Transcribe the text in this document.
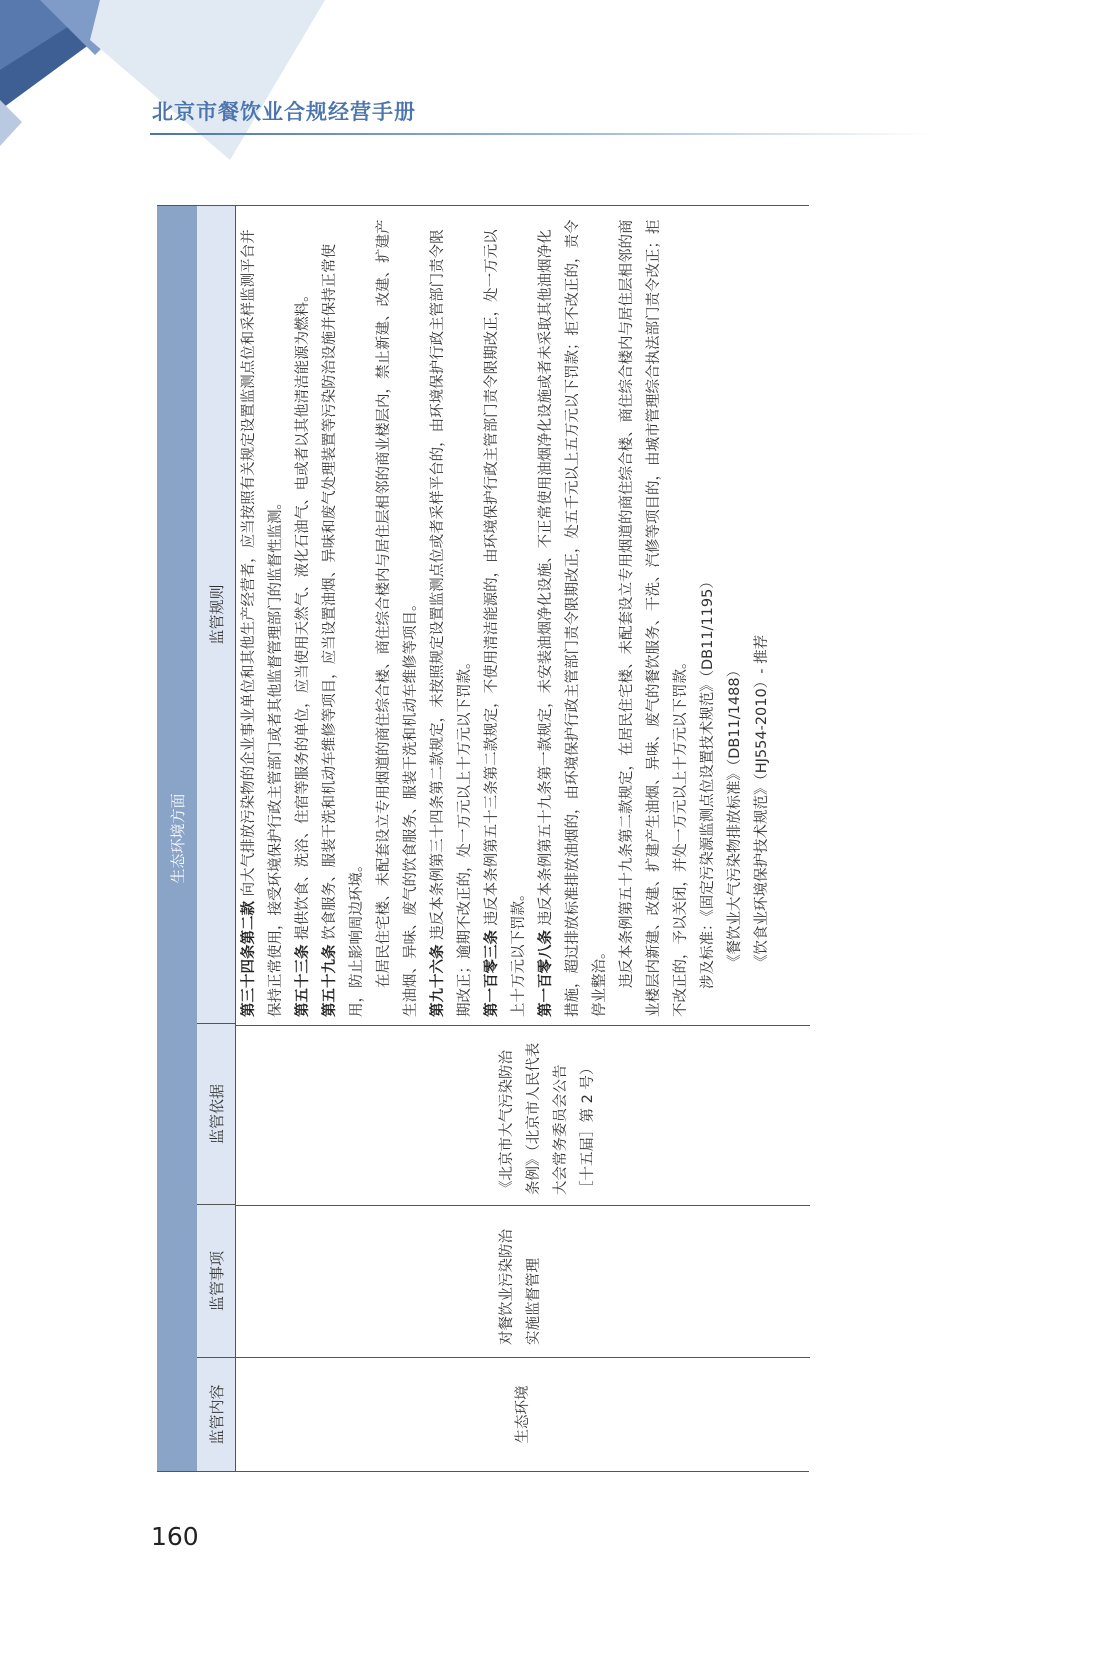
北京市餐饮业合规经营手册
生态环境方面
监管内容
监管事项
监管依据
监管规则
生态环境
对餐饮业污染防治实施监督管理
《北京市大气污染防治条例》（北京市人民代表大会常务委员会公告［十五届］第 2 号）

第三十四条第二款 向大气排放污染物的企业事业单位和其他生产经营者，应当按照有关规定设置监测点位和采样监测平台并保持正常使用，接受环境保护行政主管部门或者其他监督管理部门的监督性监测。 第五十三条 提供饮食、洗浴、住宿等服务的单位，应当使用天然气、液化石油气、电或者以其他清洁能源为燃料。

第五十九条 饮食服务、服装干洗和机动车维修等项目，应当设置油烟、异味和废气处理装置等污染防治设施并保持正常使用，防止影响周边环境。 在居民住宅楼、未配套设立专用烟道的商住综合楼、商住综合楼内与居住层相邻的商业楼层内，禁止新建、改建、扩建产生油烟、异味、废气的饮食服务、服装干洗和机动车维修等项目。 第九十六条 违反本条例第三十四条第二款规定，未按照规定设置监测点位或者采样平台的，由环境保护行政主管部门责令限期改正；逾期不改正的，处一万元以上十万元以下罚款。 第一百零三条 违反本条例第五十三条第二款规定，不使用清洁能源的，由环境保护行政主管部门责令限期改正，处一万元以上十万元以下罚款。 第一百零八条 违反本条例第五十九条第一款规定，未安装油烟净化设施、不正常使用油烟净化设施或者未采取其他油烟净化措施，超过排放标准排放油烟的，由环境保护行政主管部门责令限期改正，处五千元以上五万元以下罚款；拒不改正的，责令停业整治。 违反本条例第五十九条第二款规定，在居民住宅楼、未配套设立专用烟道的商住综合楼、商住综合楼内与居住层相邻的商业楼层内新建、改建、扩建产生油烟、异味、废气的餐饮服务、干洗、汽修等项目的，由城市管理综合执法部门责令改正；拒不改正的，予以关闭，并处一万元以上十万元以下罚款。 涉及标准：《固定污染源监测点位设置技术规范》（DB11/1195） 《餐饮业大气污染物排放标准》（DB11/1488） 《饮食业环境保护技术规范》（HJ554-2010）- 推荐

160
